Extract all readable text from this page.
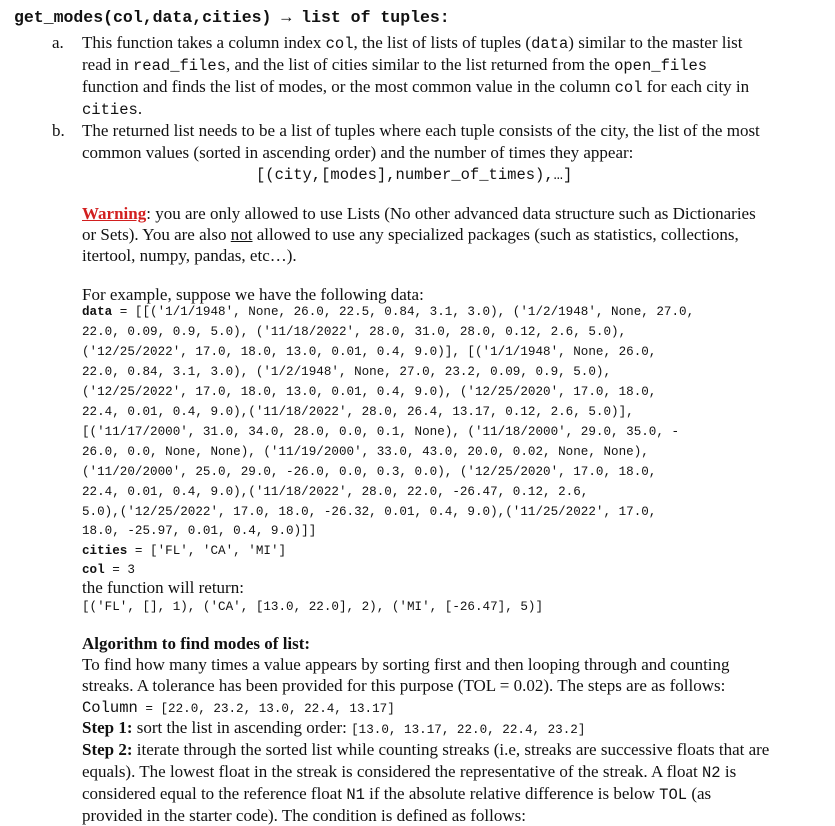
get_modes(col,data,cities) → list of tuples:
a. This function takes a column index col, the list of lists of tuples (data) similar to the master list
read in read_files, and the list of cities similar to the list returned from the open_files
function and finds the list of modes, or the most common value in the column col for each city in
cities.
b. The returned list needs to be a list of tuples where each tuple consists of the city, the list of the most
common values (sorted in ascending order) and the number of times they appear:
[(city,[modes],number_of_times),…]
Warning: you are only allowed to use Lists (No other advanced data structure such as Dictionaries
or Sets). You are also not allowed to use any specialized packages (such as statistics, collections,
itertool, numpy, pandas, etc…).
For example, suppose we have the following data:
data = [[('1/1/1948', None, 26.0, 22.5, 0.84, 3.1, 3.0), ('1/2/1948', None, 27.0,
22.0, 0.09, 0.9, 5.0), ('11/18/2022', 28.0, 31.0, 28.0, 0.12, 2.6, 5.0),
('12/25/2022', 17.0, 18.0, 13.0, 0.01, 0.4, 9.0)], [('1/1/1948', None, 26.0,
22.0, 0.84, 3.1, 3.0), ('1/2/1948', None, 27.0, 23.2, 0.09, 0.9, 5.0),
('12/25/2022', 17.0, 18.0, 13.0, 0.01, 0.4, 9.0), ('12/25/2020', 17.0, 18.0,
22.4, 0.01, 0.4, 9.0),('11/18/2022', 28.0, 26.4, 13.17, 0.12, 2.6, 5.0)],
[('11/17/2000', 31.0, 34.0, 28.0, 0.0, 0.1, None), ('11/18/2000', 29.0, 35.0, -
26.0, 0.0, None, None), ('11/19/2000', 33.0, 43.0, 20.0, 0.02, None, None),
('11/20/2000', 25.0, 29.0, -26.0, 0.0, 0.3, 0.0), ('12/25/2020', 17.0, 18.0,
22.4, 0.01, 0.4, 9.0),('11/18/2022', 28.0, 22.0, -26.47, 0.12, 2.6,
5.0),('12/25/2022', 17.0, 18.0, -26.32, 0.01, 0.4, 9.0),('11/25/2022', 17.0,
18.0, -25.97, 0.01, 0.4, 9.0)]]
cities = ['FL', 'CA', 'MI']
col = 3
the function will return:
[('FL', [], 1), ('CA', [13.0, 22.0], 2), ('MI', [-26.47], 5)]
Algorithm to find modes of list:
To find how many times a value appears by sorting first and then looping through and counting
streaks. A tolerance has been provided for this purpose (TOL = 0.02). The steps are as follows:
Column = [22.0, 23.2, 13.0, 22.4, 13.17]
Step 1: sort the list in ascending order: [13.0, 13.17, 22.0, 22.4, 23.2]
Step 2: iterate through the sorted list while counting streaks (i.e, streaks are successive floats that are
equals). The lowest float in the streak is considered the representative of the streak. A float N2 is
considered equal to the reference float N1 if the absolute relative difference is below TOL (as
provided in the starter code). The condition is defined as follows:
